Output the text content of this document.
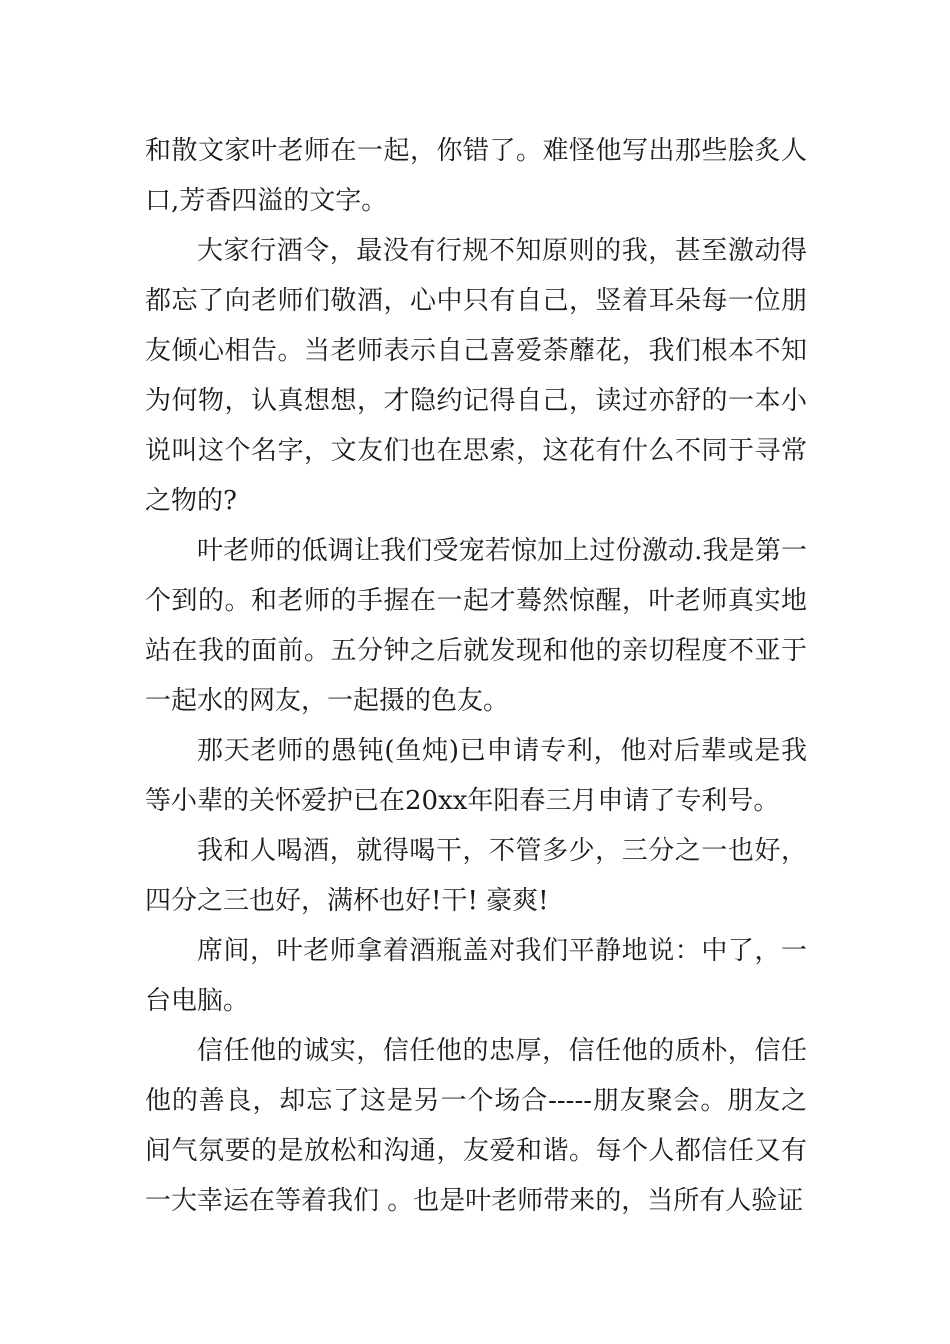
和散文家叶老师在一起，你错了。难怪他写出那些脍炙人口,芳香四溢的文字。

大家行酒令，最没有行规不知原则的我，甚至激动得都忘了向老师们敬酒，心中只有自己，竖着耳朵每一位朋友倾心相告。当老师表示自己喜爱荼蘼花，我们根本不知为何物，认真想想，才隐约记得自己，读过亦舒的一本小说叫这个名字，文友们也在思索，这花有什么不同于寻常之物的?

叶老师的低调让我们受宠若惊加上过份激动.我是第一个到的。和老师的手握在一起才蓦然惊醒，叶老师真实地站在我的面前。五分钟之后就发现和他的亲切程度不亚于一起水的网友，一起摄的色友。

那天老师的愚钝(鱼炖)已申请专利，他对后辈或是我等小辈的关怀爱护已在20xx年阳春三月申请了专利号。

我和人喝酒，就得喝干，不管多少，三分之一也好，四分之三也好，满杯也好!干! 豪爽!

席间，叶老师拿着酒瓶盖对我们平静地说：中了，一台电脑。

信任他的诚实，信任他的忠厚，信任他的质朴，信任他的善良，却忘了这是另一个场合-----朋友聚会。朋友之间气氛要的是放松和沟通，友爱和谐。每个人都信任又有一大幸运在等着我们 。也是叶老师带来的，当所有人验证
